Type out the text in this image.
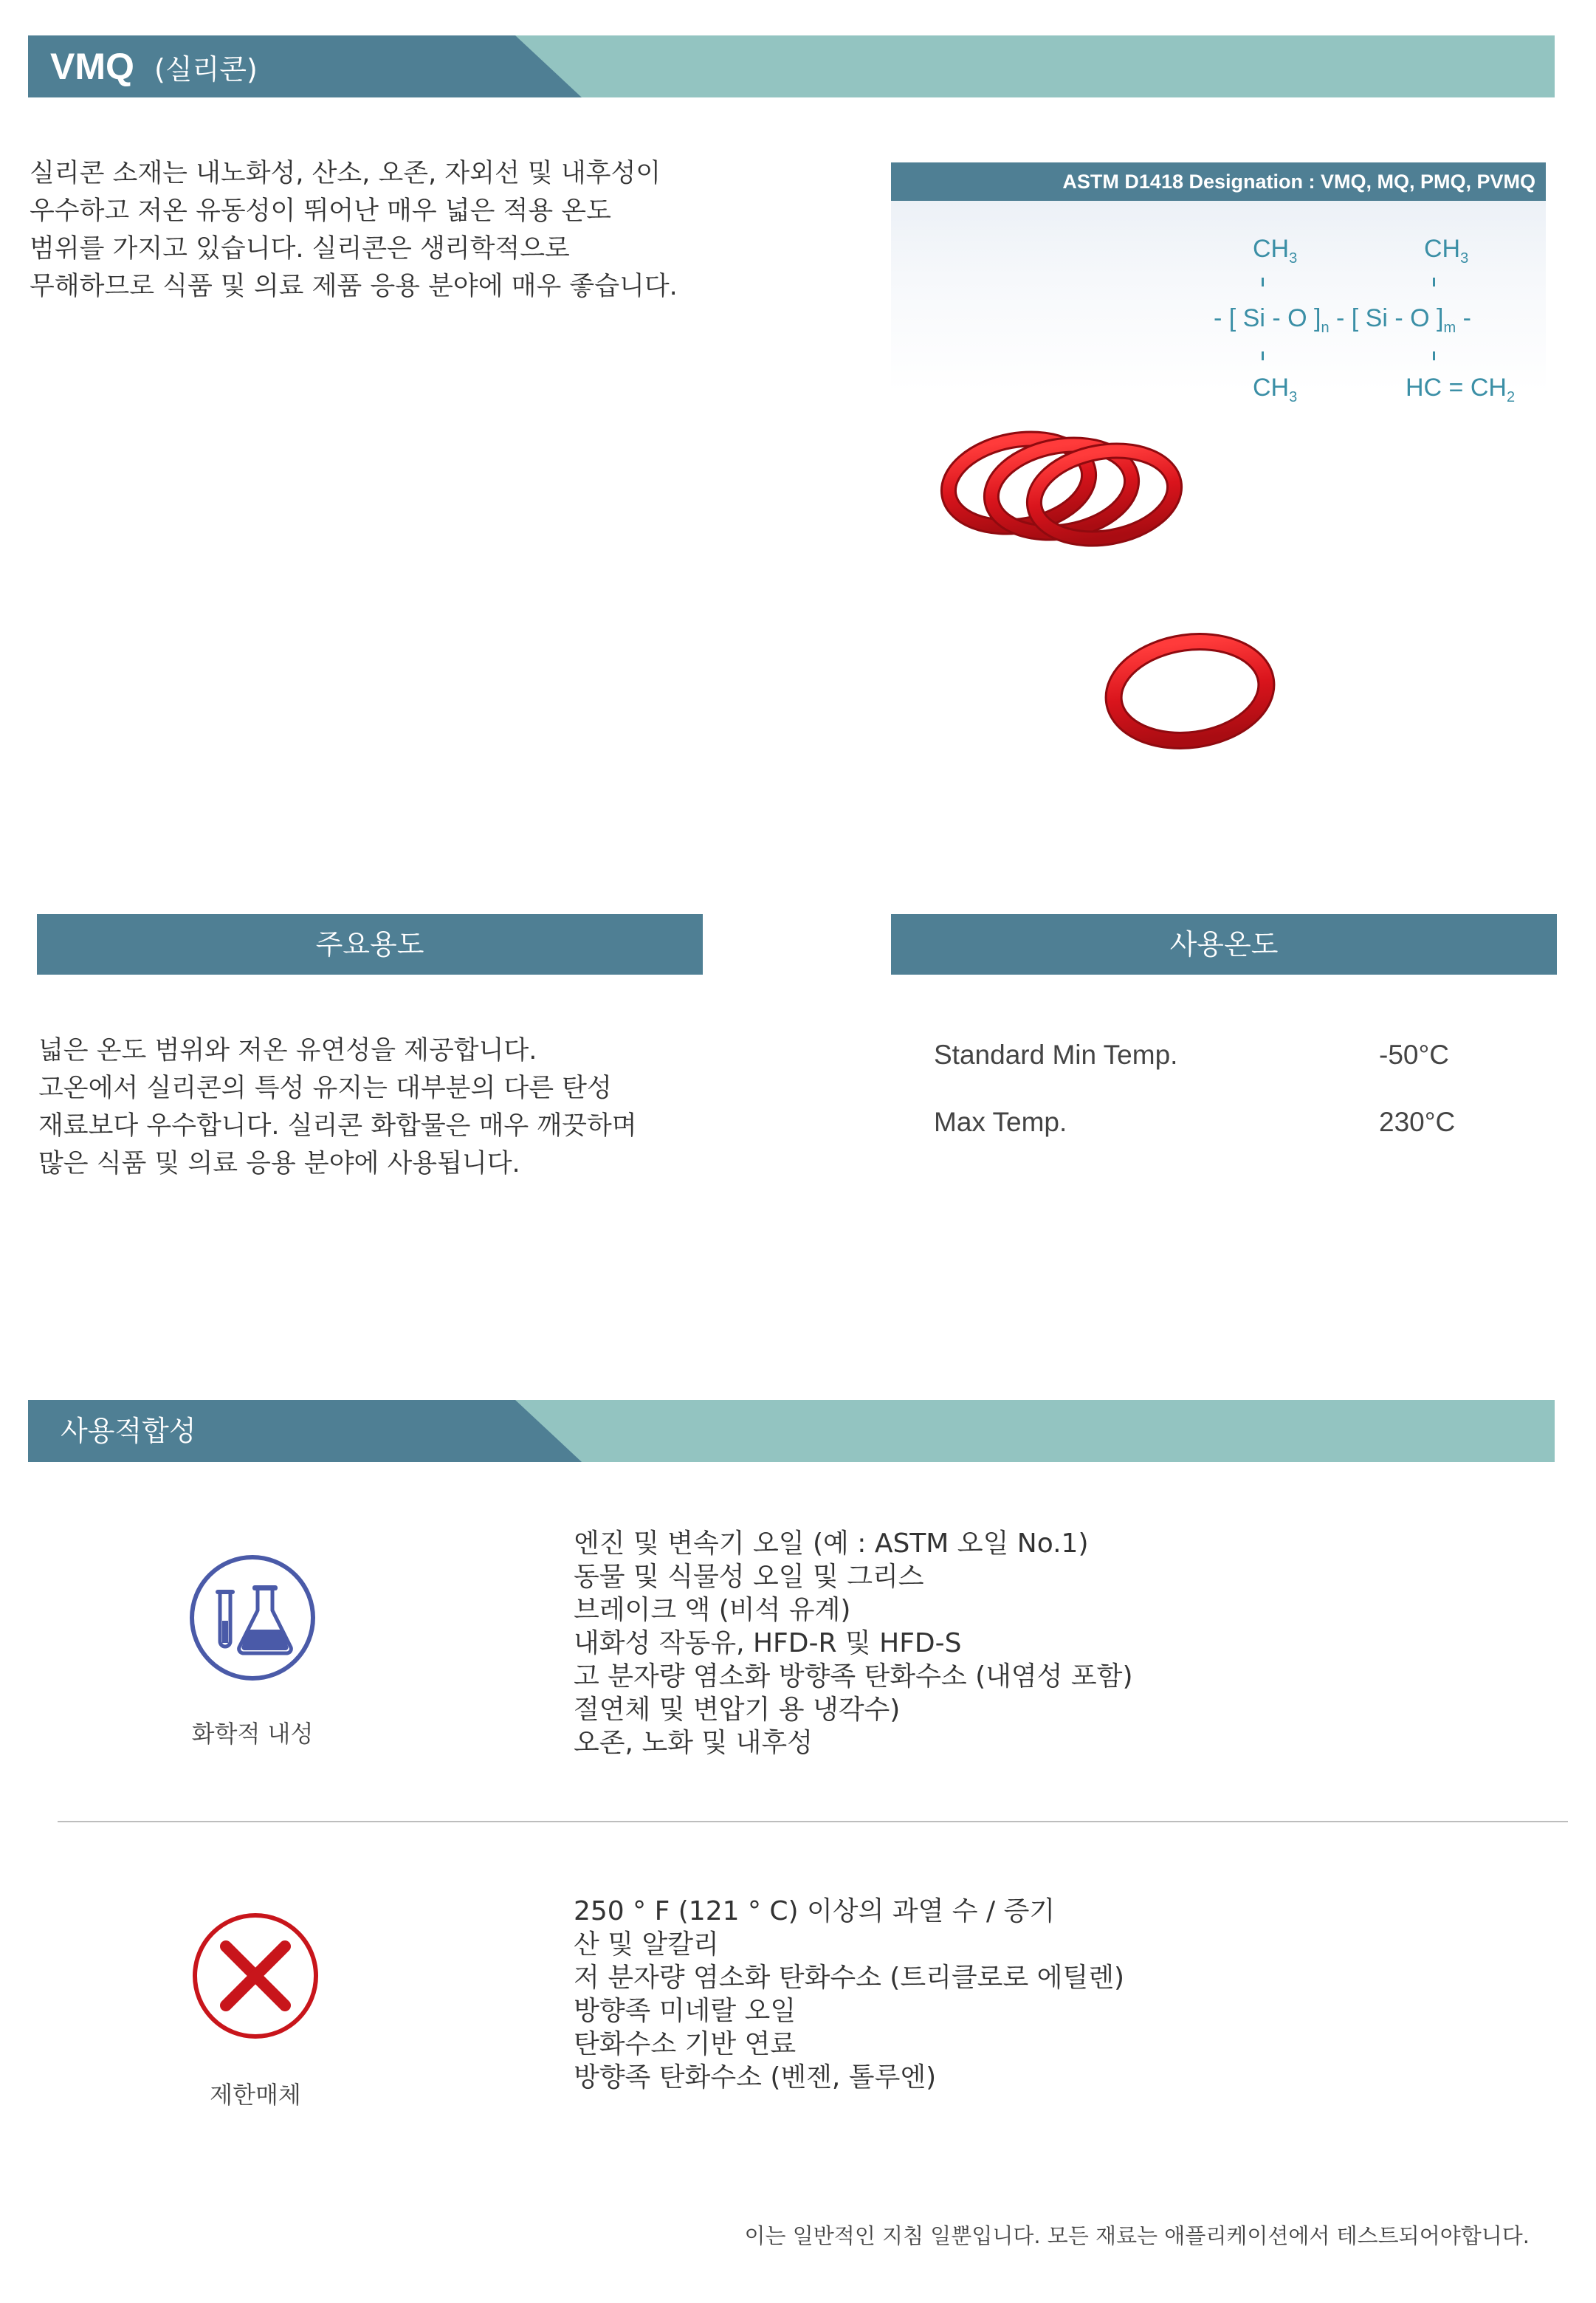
VMQ (실리콘)
실리콘 소재는 내노화성, 산소, 오존, 자외선 및 내후성이
우수하고 저온 유동성이 뛰어난 매우 넓은 적용 온도
범위를 가지고 있습니다. 실리콘은 생리학적으로
무해하므로 식품 및 의료 제품 응용 분야에 매우 좋습니다.
ASTM D1418 Designation : VMQ, MQ, PMQ, PVMQ
$CH_3$	$CH_3$
- [ Si - O ]$_n$ - [ Si - O ]$_m$ -
$CH_3$	HC = $CH_2$
주요용도
넓은 온도 범위와 저온 유연성을 제공합니다.
고온에서 실리콘의 특성 유지는 대부분의 다른 탄성
재료보다 우수합니다. 실리콘 화합물은 매우 깨끗하며
많은 식품 및 의료 응용 분야에 사용됩니다.
사용온도
Standard Min Temp.	-50°C
Max Temp.	230°C
사용적합성
화학적 내성
엔진 및 변속기 오일 (예 : ASTM 오일 No.1)
동물 및 식물성 오일 및 그리스
브레이크 액 (비석 유계)
내화성 작동유, HFD-R 및 HFD-S
고 분자량 염소화 방향족 탄화수소 (내염성 포함)
절연체 및 변압기 용 냉각수)
오존, 노화 및 내후성
제한매체
250 ° F (121 ° C) 이상의 과열 수 / 증기
산 및 알칼리
저 분자량 염소화 탄화수소 (트리클로로 에틸렌)
방향족 미네랄 오일
탄화수소 기반 연료
방향족 탄화수소 (벤젠, 톨루엔)
이는 일반적인 지침 일뿐입니다. 모든 재료는 애플리케이션에서 테스트되어야합니다.
